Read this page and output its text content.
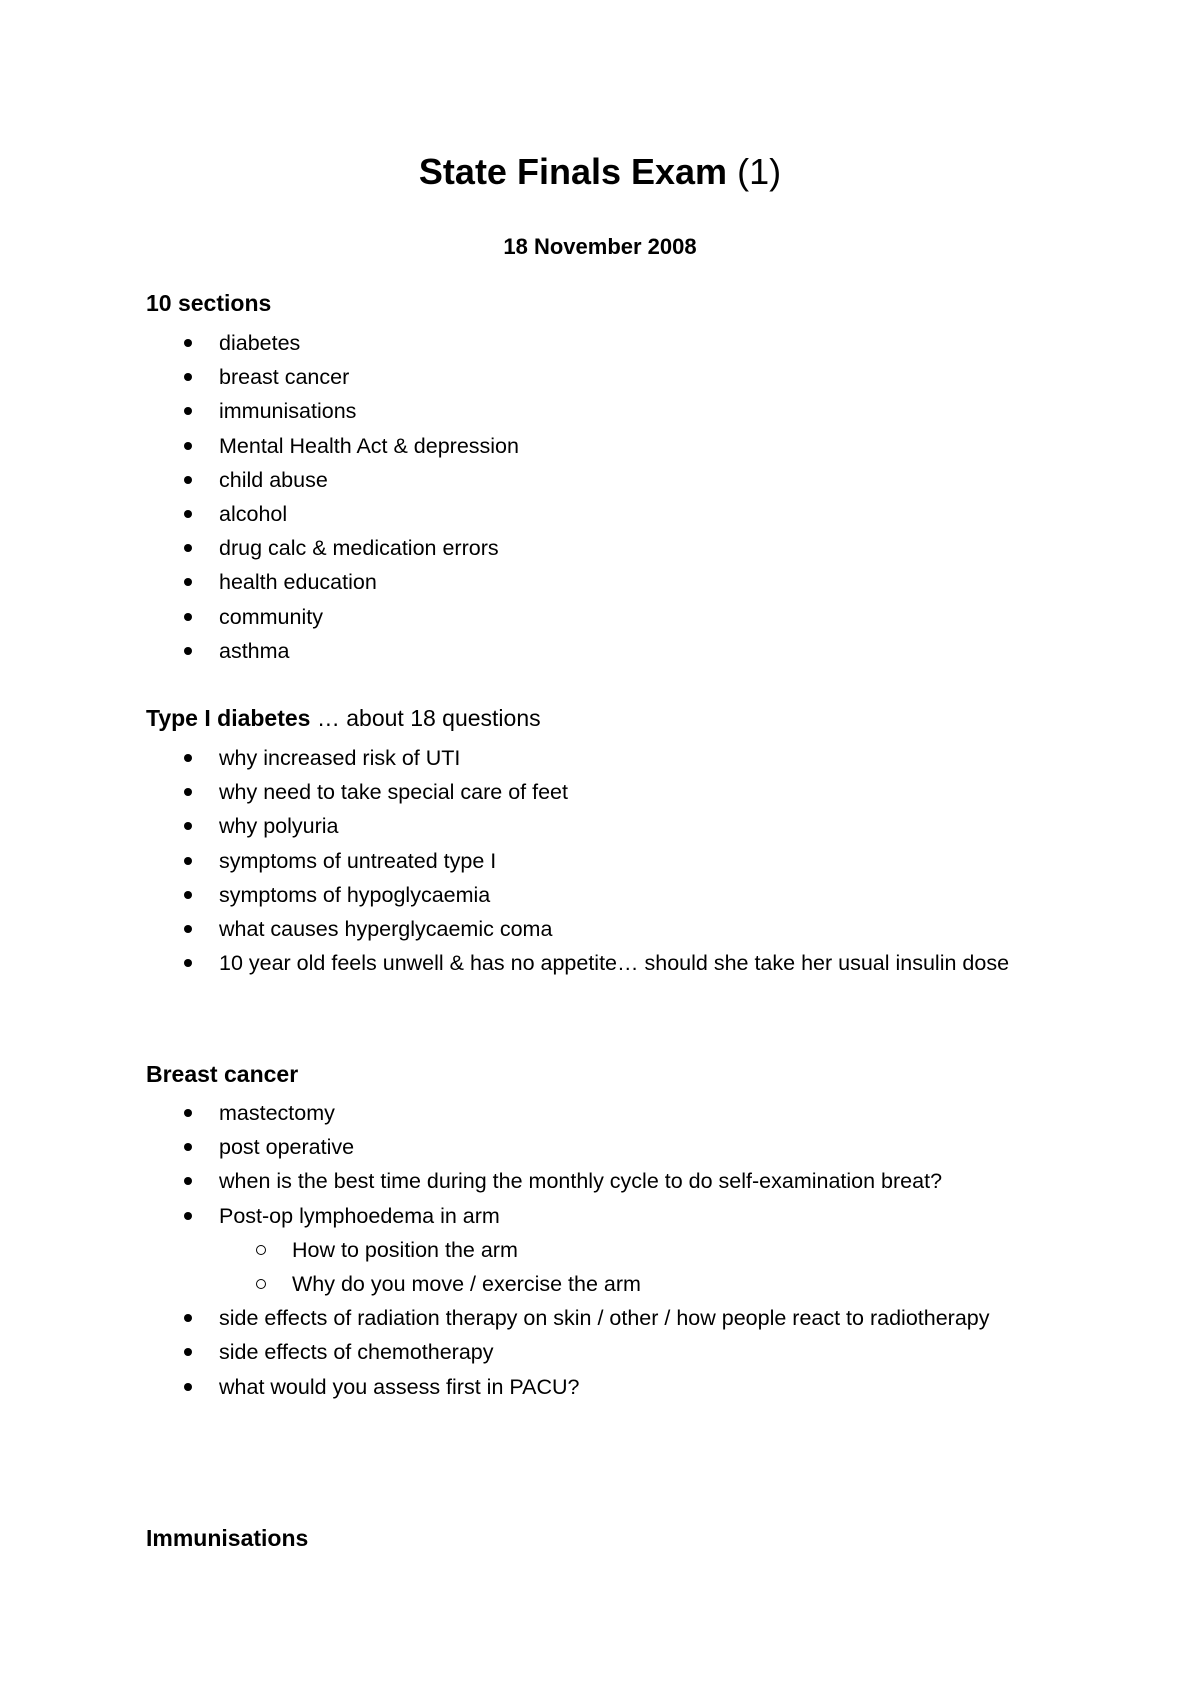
State Finals Exam (1)
18 November 2008
10 sections
diabetes
breast cancer
immunisations
Mental Health Act & depression
child abuse
alcohol
drug calc & medication errors
health education
community
asthma
Type I diabetes … about 18 questions
why increased risk of UTI
why need to take special care of feet
why polyuria
symptoms of untreated type I
symptoms of hypoglycaemia
what causes hyperglycaemic coma
10 year old feels unwell & has no appetite… should she take her usual insulin dose
Breast cancer
mastectomy
post operative
when is the best time during the monthly cycle to do self-examination breat?
Post-op lymphoedema in arm
How to position the arm
Why do you move / exercise the arm
side effects of radiation therapy on skin / other / how people react to radiotherapy
side effects of chemotherapy
what would you assess first in PACU?
Immunisations
